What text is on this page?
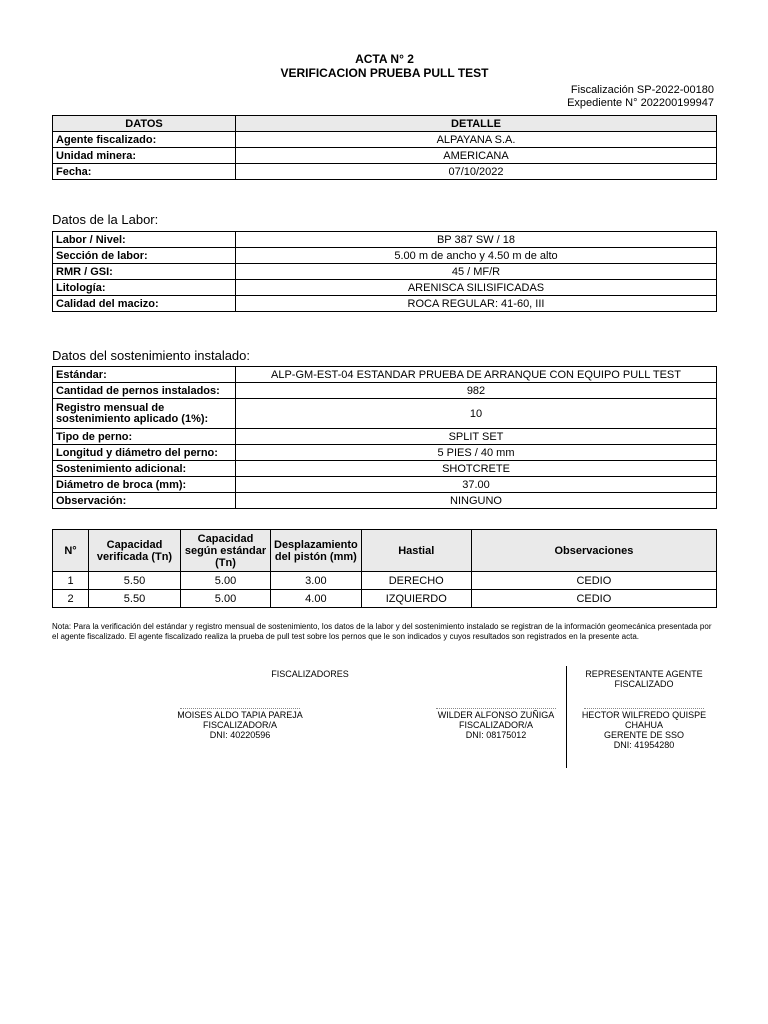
ACTA N° 2
VERIFICACION PRUEBA PULL TEST
Fiscalización SP-2022-00180
Expediente N° 202200199947
DATOS	DETALLE
Agente fiscalizado:	ALPAYANA S.A.
Unidad minera:	AMERICANA
Fecha:	07/10/2022
Datos de la Labor:
Labor / Nivel:	BP 387 SW / 18
Sección de labor:	5.00 m de ancho y 4.50 m de alto
RMR / GSI:	45 / MF/R
Litología:	ARENISCA SILISIFICADAS
Calidad del macizo:	ROCA REGULAR: 41-60, III
Datos del sostenimiento instalado:
Estándar:	ALP-GM-EST-04 ESTANDAR PRUEBA DE ARRANQUE CON EQUIPO PULL TEST
Cantidad de pernos instalados:	982
Registro mensual de sostenimiento aplicado (1%):	10
Tipo de perno:	SPLIT SET
Longitud y diámetro del perno:	5 PIES / 40 mm
Sostenimiento adicional:	SHOTCRETE
Diámetro de broca (mm):	37.00
Observación:	NINGUNO
N°	Capacidad verificada (Tn)	Capacidad según estándar (Tn)	Desplazamiento del pistón (mm)	Hastial	Observaciones
1	5.50	5.00	3.00	DERECHO	CEDIO
2	5.50	5.00	4.00	IZQUIERDO	CEDIO
Nota: Para la verificación del estándar y registro mensual de sostenimiento, los datos de la labor y del sostenimiento instalado se registran de la información geomecánica presentada por el agente fiscalizado. El agente fiscalizado realiza la prueba de pull test sobre los pernos que le son indicados y cuyos resultados son registrados en la presente acta.
FISCALIZADORES	REPRESENTANTE AGENTE
FISCALIZADO
MOISES ALDO TAPIA PAREJA
FISCALIZADOR/A
DNI: 40220596
WILDER ALFONSO ZUÑIGA
FISCALIZADOR/A
DNI: 08175012
HECTOR WILFREDO QUISPE
CHAHUA
GERENTE DE SSO
DNI: 41954280
